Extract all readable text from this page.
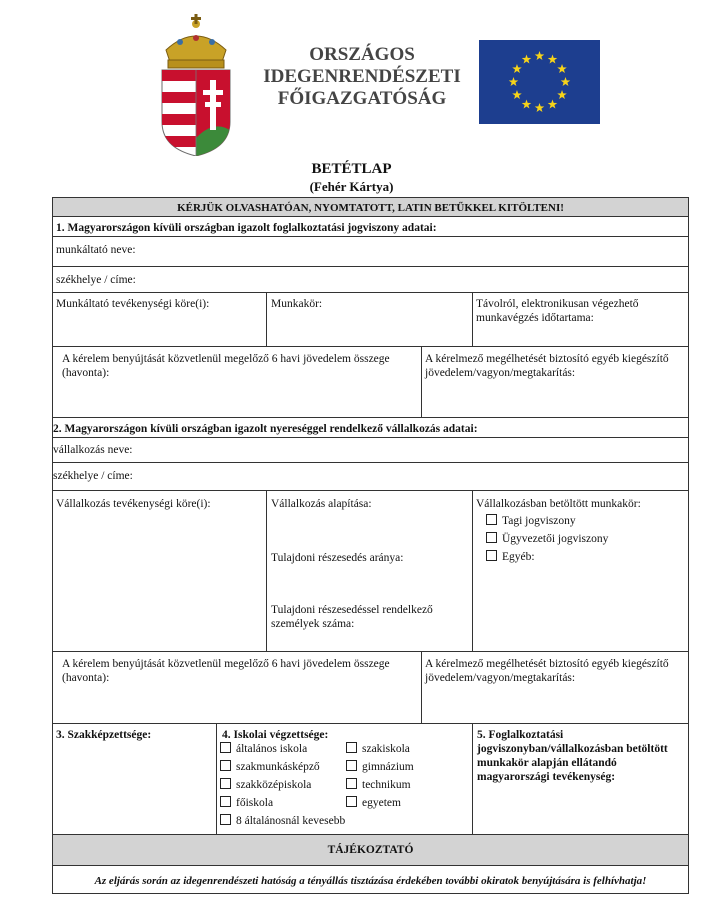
ORSZÁGOS
IDEGENRENDÉSZETI
FŐIGAZGATÓSÁG
BETÉTLAP
(Fehér Kártya)
KÉRJÜK OLVASHATÓAN, NYOMTATOTT, LATIN BETŰKKEL KITÖLTENI!
1. Magyarországon kívüli országban igazolt foglalkoztatási jogviszony adatai:
munkáltató neve:
székhelye / címe:
Munkáltató tevékenységi köre(i):	Munkakör:	Távolról, elektronikusan végezhető munkavégzés időtartama:
A kérelem benyújtását közvetlenül megelőző 6 havi jövedelem összege (havonta):
A kérelmező megélhetését biztosító egyéb kiegészítő jövedelem/vagyon/megtakarítás:
2. Magyarországon kívüli országban igazolt nyereséggel rendelkező vállalkozás adatai:
vállalkozás neve:
székhelye / címe:
Vállalkozás tevékenységi köre(i):	Vállalkozás alapítása:
Tulajdoni részesedés aránya:
Tulajdoni részesedéssel rendelkező személyek száma:
Vállalkozásban betöltött munkakör:
Tagi jogviszony
Ügyvezetői jogviszony
Egyéb:
A kérelem benyújtását közvetlenül megelőző 6 havi jövedelem összege (havonta):
A kérelmező megélhetését biztosító egyéb kiegészítő jövedelem/vagyon/megtakarítás:
3. Szakképzettsége:	4. Iskolai végzettsége:
általános iskola	szakiskola
szakmunkásképző	gimnázium
szakközépiskola	technikum
főiskola	egyetem
8 általánosnál kevesebb
5. Foglalkoztatási jogviszonyban/vállalkozásban betöltött munkakör alapján ellátandó magyarországi tevékenység:
TÁJÉKOZTATÓ
Az eljárás során az idegenrendészeti hatóság a tényállás tisztázása érdekében további okiratok benyújtására is felhívhatja!
